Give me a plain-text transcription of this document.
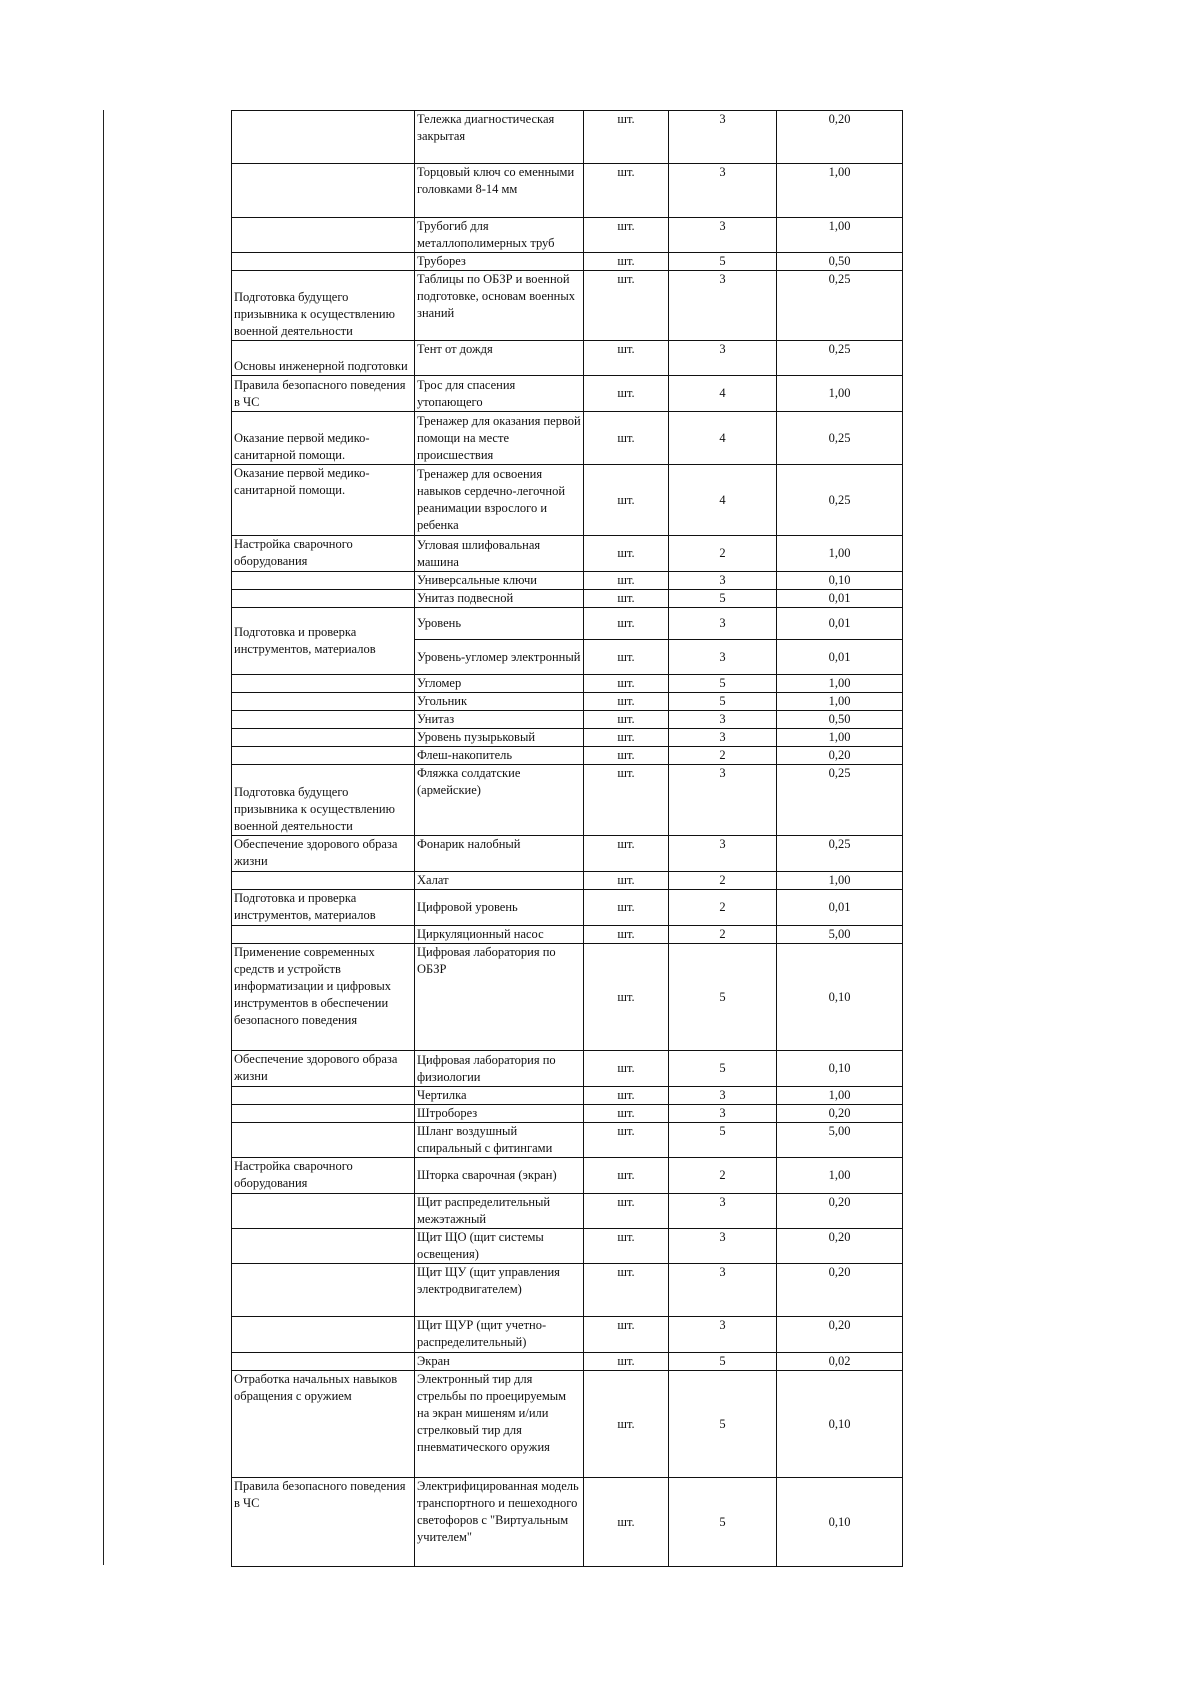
	Тележка диагностическая закрытая	шт.	3	0,20
	Торцовый ключ со еменными головками 8-14 мм	шт.	3	1,00
	Трубогиб для металлополимерных труб	шт.	3	1,00
	Труборез	шт.	5	0,50
Подготовка будущего призывника к осуществлению военной деятельности	Таблицы по ОБЗР и военной подготовке, основам военных знаний	шт.	3	0,25
Основы инженерной подготовки	Тент от дождя	шт.	3	0,25
Правила безопасного поведения в ЧС	Трос для спасения утопающего	шт.	4	1,00
Оказание первой медико-санитарной помощи.	Тренажер для оказания первой помощи на месте происшествия	шт.	4	0,25
Оказание первой медико-санитарной помощи.	Тренажер для освоения навыков сердечно-легочной реанимации взрослого и ребенка	шт.	4	0,25
Настройка сварочного оборудования	Угловая шлифовальная машина	шт.	2	1,00
	Универсальные ключи	шт.	3	0,10
	Унитаз подвесной	шт.	5	0,01
Подготовка и проверка инструментов, материалов	Уровень	шт.	3	0,01
	Уровень-угломер электронный	шт.	3	0,01
	Угломер	шт.	5	1,00
	Угольник	шт.	5	1,00
	Унитаз	шт.	3	0,50
	Уровень пузырьковый	шт.	3	1,00
	Флеш-накопитель	шт.	2	0,20
Подготовка будущего призывника к осуществлению военной деятельности	Фляжка солдатские (армейские)	шт.	3	0,25
Обеспечение здорового образа жизни	Фонарик налобный	шт.	3	0,25
	Халат	шт.	2	1,00
Подготовка и проверка инструментов, материалов	Цифровой уровень	шт.	2	0,01
	Циркуляционный насос	шт.	2	5,00
Применение современных средств и устройств информатизации и цифровых инструментов в обеспечении безопасного поведения	Цифровая лаборатория по ОБЗР	шт.	5	0,10
Обеспечение здорового образа жизни	Цифровая лаборатория по физиологии	шт.	5	0,10
	Чертилка	шт.	3	1,00
	Штроборез	шт.	3	0,20
	Шланг воздушный спиральный с фитингами	шт.	5	5,00
Настройка сварочного оборудования	Шторка сварочная (экран)	шт.	2	1,00
	Щит распределительный межэтажный	шт.	3	0,20
	Щит ЩО (щит системы освещения)	шт.	3	0,20
	Щит ЩУ (щит управления электродвигателем)	шт.	3	0,20
	Щит ЩУР (щит учетно-распределительный)	шт.	3	0,20
	Экран	шт.	5	0,02
Отработка начальных навыков обращения с оружием	Электронный тир для стрельбы по проецируемым на экран мишеням и/или стрелковый тир для пневматического оружия	шт.	5	0,10
Правила безопасного поведения в ЧС	Электрифицированная модель транспортного и пешеходного светофоров с "Виртуальным учителем"	шт.	5	0,10
